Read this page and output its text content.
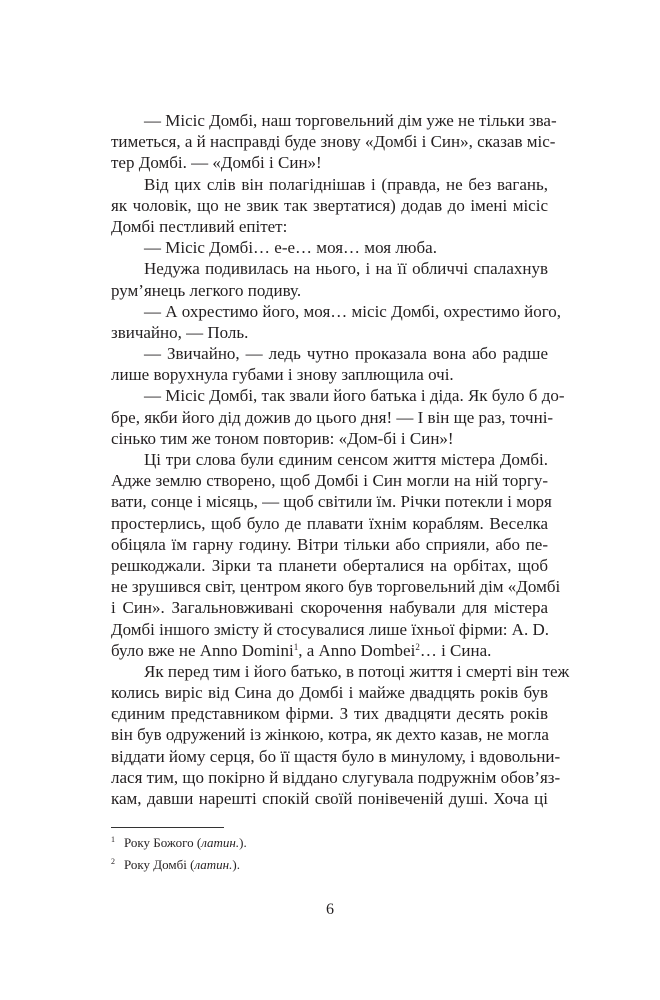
— Місіс Домбі, наш торговельний дім уже не тільки зва-
тиметься, а й насправді буде знову «Домбі і Син», сказав міс-
тер Домбі. — «Домбі і Син»!
Від цих слів він полагіднішав і (правда, не без вагань,
як чоловік, що не звик так звертатися) додав до імені місіс
Домбі пестливий епітет:
— Місіс Домбі… е-е… моя… моя люба.
Недужа подивилась на нього, і на її обличчі спалахнув
рум’янець легкого подиву.
— А охрестимо його, моя… місіс Домбі, охрестимо його,
звичайно, — Поль.
— Звичайно, — ледь чутно проказала вона або радше
лише ворухнула губами і знову заплющила очі.
— Місіс Домбі, так звали його батька і діда. Як було б до-
бре, якби його дід дожив до цього дня! — І він ще раз, точні-
сінько тим же тоном повторив: «Дом-бі і Син»!
Ці три слова були єдиним сенсом життя містера Домбі.
Адже землю створено, щоб Домбі і Син могли на ній торгу-
вати, сонце і місяць, — щоб світили їм. Річки потекли і моря
простерлись, щоб було де плавати їхнім кораблям. Веселка
обіцяла їм гарну годину. Вітри тільки або сприяли, або пе-
решкоджали. Зірки та планети оберталися на орбітах, щоб
не зрушився світ, центром якого був торговельний дім «Домбі
і Син». Загальновживані скорочення набували для містера
Домбі іншого змісту й стосувалися лише їхньої фірми: A. D.
було вже не Anno Domini$^1$, а Anno Dombei$^2$… і Сина.
Як перед тим і його батько, в потоці життя і смерті він теж
колись виріс від Сина до Домбі і майже двадцять років був
єдиним представником фірми. З тих двадцяти десять років
він був одружений із жінкою, котра, як дехто казав, не могла
віддати йому серця, бо її щастя було в минулому, і вдовольни-
лася тим, що покірно й віддано слугувала подружнім обов’яз-
кам, давши нарешті спокій своїй понівеченій душі. Хоча ці
1 Року Божого (латин.).
2 Року Домбі (латин.).
6
